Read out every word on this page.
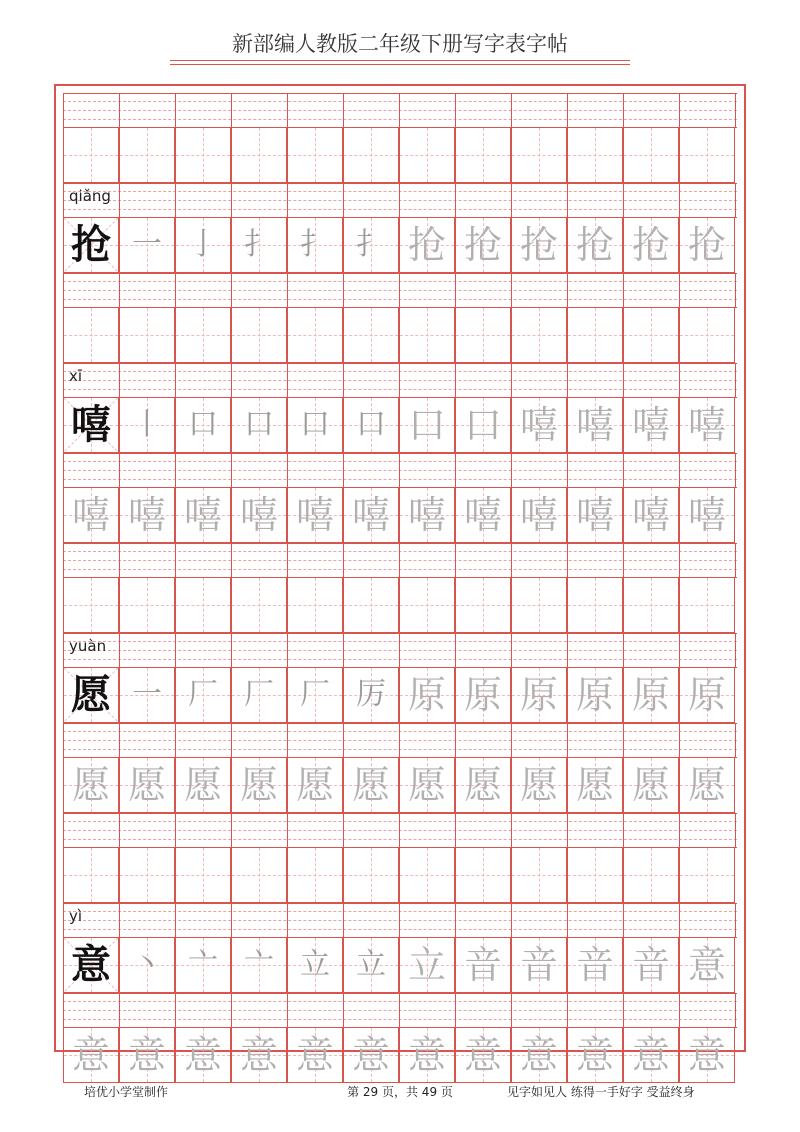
新部编人教版二年级下册写字表字帖
qiǎng
抢 一 亅 扌 扌 扌 抢 抢 抢 抢 抢 抢
xī
嘻 丨 口 口 口 口 口 口 嘻 嘻 嘻 嘻
嘻 嘻 嘻 嘻 嘻 嘻 嘻 嘻 嘻 嘻 嘻 嘻
yuàn
愿 一 厂 厂 厂 厉 原 原 原 原 原 原
愿 愿 愿 愿 愿 愿 愿 愿 愿 愿 愿 愿
yì
意 丶 亠 亠 立 立 立 音 音 音 音 意
意 意 意 意 意 意 意 意 意 意 意 意
培优小学堂制作	第 29 页，共 49 页	见字如见人 练得一手好字 受益终身
